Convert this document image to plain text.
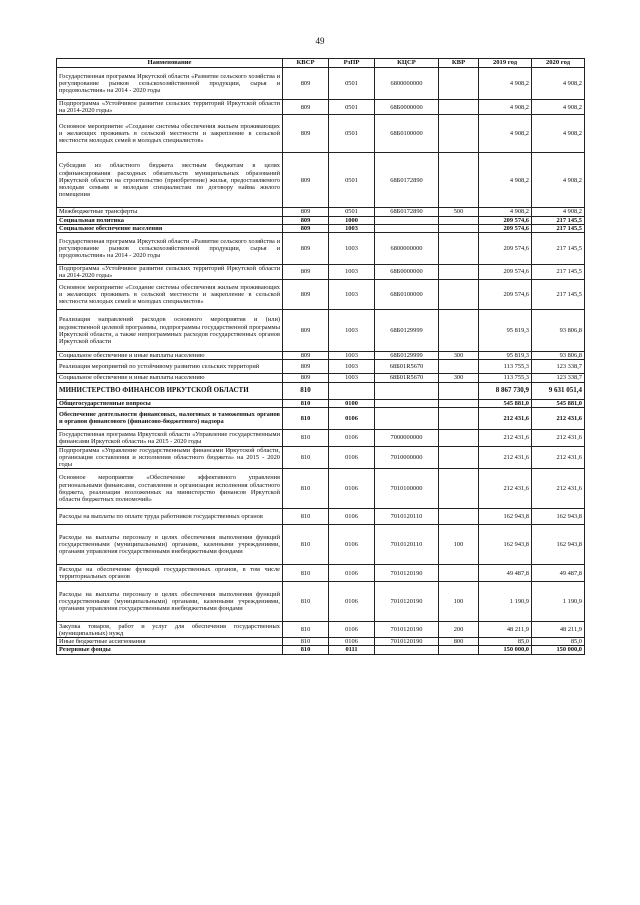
49
Наименование	КВСР	РзПР	КЦСР	КВР	2019 год	2020 год
Государственная программа Иркутской области «Развитие сельского хозяйства и регулирование рынков сельскохозяйственной продукции, сырья и продовольствия» на 2014 - 2020 годы	809	0501	6800000000		4 908,2	4 908,2
Подпрограмма «Устойчивое развитие сельских территорий Иркутской области на 2014-2020 годы»	809	0501	68Б0000000		4 908,2	4 908,2
Основное мероприятие «Создание системы обеспечения жильем проживающих и желающих проживать в сельской местности и закрепление в сельской местности молодых семей и молодых специалистов»	809	0501	68Б0100000		4 908,2	4 908,2
Субсидии из областного бюджета местным бюджетам в целях софинансирования расходных обязательств муниципальных образований Иркутской области на строительство (приобретение) жилья, предоставляемого молодым семьям и молодым специалистам по договору найма жилого помещения	809	0501	68Б0172890		4 908,2	4 908,2
Межбюджетные трансферты	809	0501	68Б0172890	500	4 908,2	4 908,2
Социальная политика	809	1000			209 574,6	217 145,5
Социальное обеспечение населения	809	1003			209 574,6	217 145,5
Государственная программа Иркутской области «Развитие сельского хозяйства и регулирование рынков сельскохозяйственной продукции, сырья и продовольствия» на 2014 - 2020 годы	809	1003	6800000000		209 574,6	217 145,5
Подпрограмма «Устойчивое развитие сельских территорий Иркутской области на 2014-2020 годы»	809	1003	68Б0000000		209 574,6	217 145,5
Основное мероприятие «Создание системы обеспечения жильем проживающих и желающих проживать в сельской местности и закрепление в сельской местности молодых семей и молодых специалистов»	809	1003	68Б0100000		209 574,6	217 145,5
Реализация направлений расходов основного мероприятия и (или) ведомственной целевой программы, подпрограммы государственной программы Иркутской области, а также непрограммных расходов государственных органов Иркутской области	809	1003	68Б0129999		95 819,3	93 806,8
Социальное обеспечение и иные выплаты населению	809	1003	68Б0129999	300	95 819,3	93 806,8
Реализация мероприятий по устойчивому развитию сельских территорий	809	1003	68Б01R5670		113 755,3	123 338,7
Социальное обеспечение и иные выплаты населению	809	1003	68Б01R5670	300	113 755,3	123 338,7
МИНИСТЕРСТВО ФИНАНСОВ ИРКУТСКОЙ ОБЛАСТИ	810				8 867 730,9	9 631 051,4
Общегосударственные вопросы	810	0100			545 881,0	545 881,0
Обеспечение деятельности финансовых, налоговых и таможенных органов и органов финансового (финансово-бюджетного) надзора	810	0106			212 431,6	212 431,6
Государственная программа Иркутской области «Управление государственными финансами Иркутской области» на 2015 - 2020 годы	810	0106	7000000000		212 431,6	212 431,6
Подпрограмма «Управление государственными финансами Иркутской области, организация составления и исполнения областного бюджета» на 2015 - 2020 годы	810	0106	7010000000		212 431,6	212 431,6
Основное мероприятие «Обеспечение эффективного управления региональными финансами, составления и организация исполнения областного бюджета, реализация возложенных на министерство финансов Иркутской области бюджетных полномочий»	810	0106	7010100000		212 431,6	212 431,6
Расходы на выплаты по оплате труда работников государственных органов	810	0106	7010120110		162 943,8	162 943,8
Расходы на выплаты персоналу в целях обеспечения выполнения функций государственными (муниципальными) органами, казенными учреждениями, органами управления государственными внебюджетными фондами	810	0106	7010120110	100	162 943,8	162 943,8
Расходы на обеспечение функций государственных органов, в том числе территориальных органов	810	0106	7010120190		49 487,8	49 487,8
Расходы на выплаты персоналу в целях обеспечения выполнения функций государственными (муниципальными) органами, казенными учреждениями, органами управления государственными внебюджетными фондами	810	0106	7010120190	100	1 190,9	1 190,9
Закупка товаров, работ и услуг для обеспечения государственных (муниципальных) нужд	810	0106	7010120190	200	48 211,9	48 211,9
Иные бюджетные ассигнования	810	0106	7010120190	800	85,0	85,0
Резервные фонды	810	0111			150 000,0	150 000,0
